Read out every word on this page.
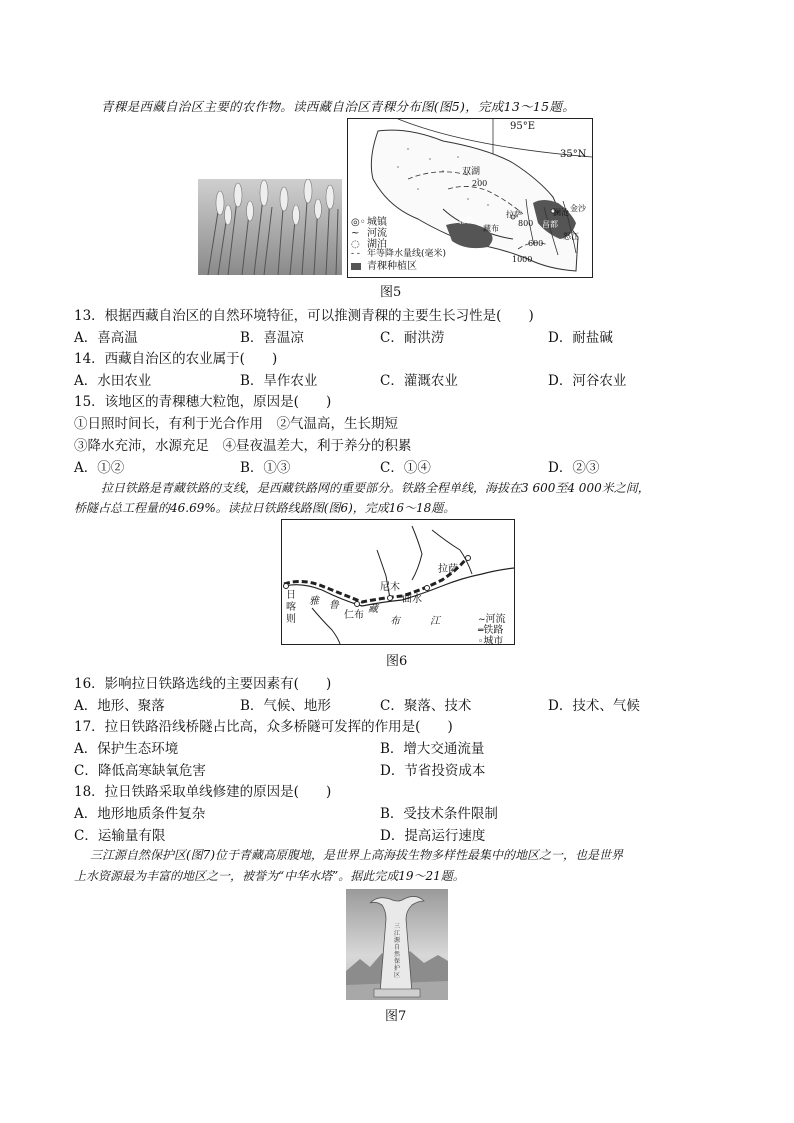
青稞是西藏自治区主要的农作物。读西藏自治区青稞分布图(图5)，完成13～15题。
95°E
35°N
双湖
200
拉萨
雅鲁
藏布
800
600
1000
昌都
澜沧 金沙
怒江
◎◦城镇
~ 河流
◌ 湖泊
- - 年等降水量线(毫米)
青稞种植区
图5
13．根据西藏自治区的自然环境特征，可以推测青稞的主要生长习性是(　　)
A．喜高温	B．喜温凉	C．耐洪涝	D．耐盐碱
14．西藏自治区的农业属于(　　)
A．水田农业	B．旱作农业	C．灌溉农业	D．河谷农业
15．该地区的青稞穗大粒饱，原因是(　　)
①日照时间长，有利于光合作用　②气温高，生长期短
③降水充沛，水源充足　④昼夜温差大，利于养分的积累
A．①②	B．①③	C．①④	D．②③
拉日铁路是青藏铁路的支线，是西藏铁路网的重要部分。铁路全程单线，海拔在3 600至4 000米之间，
桥隧占总工程量的46.69%。读拉日铁路线路图(图6)，完成16～18题。
日喀则	仁布
尼木
曲水
拉萨
雅 鲁	藏
布	江	~河流
═铁路
◦城市
图6
16．影响拉日铁路选线的主要因素有(　　)
A．地形、聚落	B．气候、地形	C．聚落、技术	D．技术、气候
17．拉日铁路沿线桥隧占比高，众多桥隧可发挥的作用是(　　)
A．保护生态环境	B．增大交通流量
C．降低高寒缺氧危害	D．节省投资成本
18．拉日铁路采取单线修建的原因是(　　)
A．地形地质条件复杂	B．受技术条件限制
C．运输量有限	D．提高运行速度
三江源自然保护区(图7)位于青藏高原腹地，是世界上高海拔生物多样性最集中的地区之一，也是世界
上水资源最为丰富的地区之一，被誉为“中华水塔”。据此完成19～21题。
三江源自然保护区
图7
